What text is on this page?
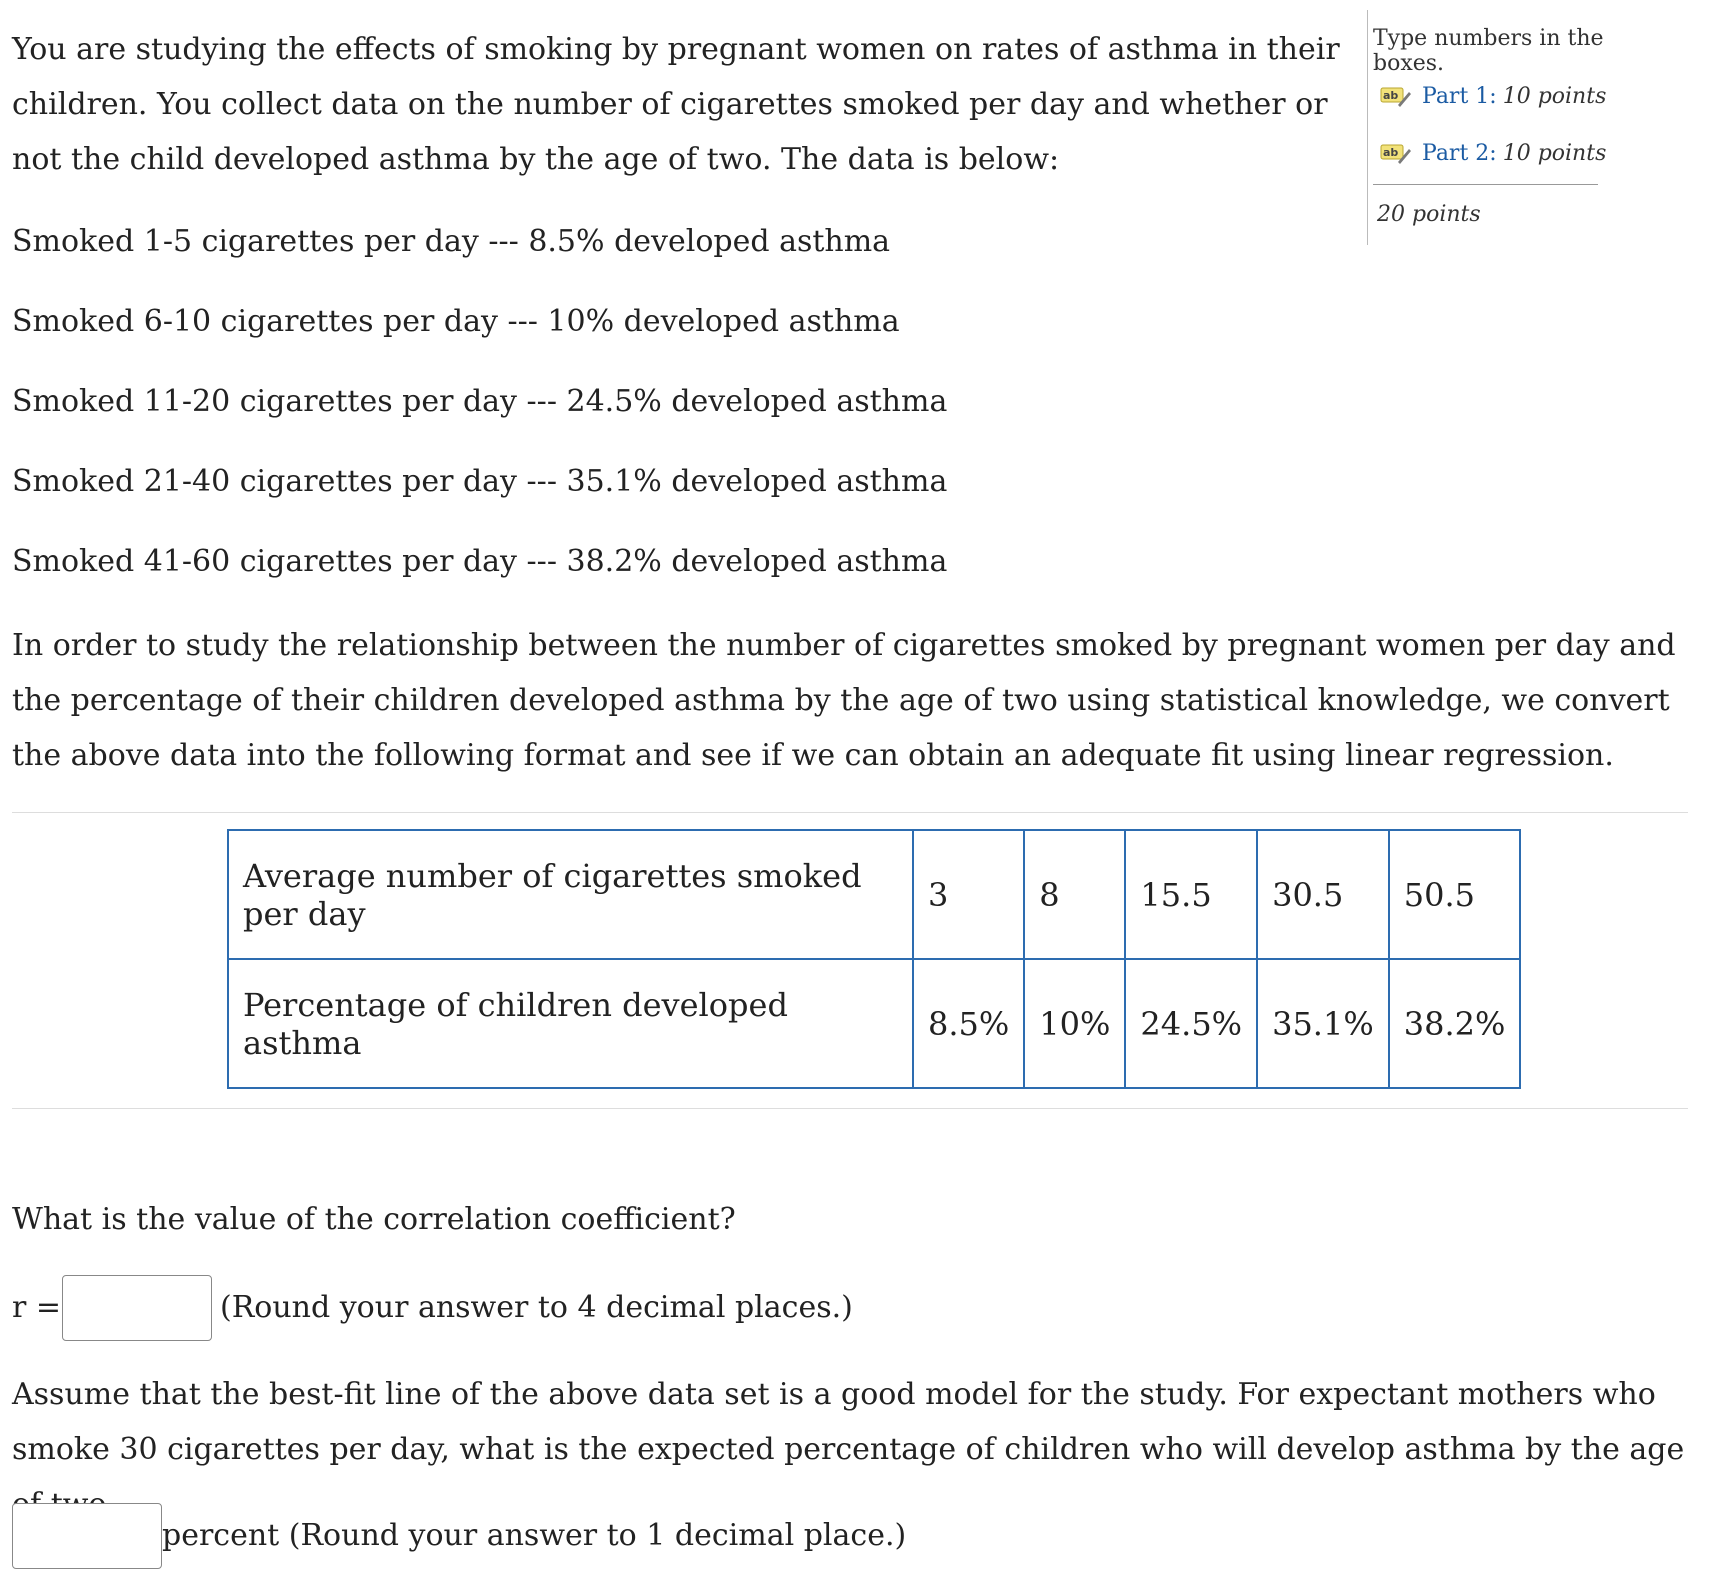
You are studying the effects of smoking by pregnant women on rates of asthma in their children. You collect data on the number of cigarettes smoked per day and whether or not the child developed asthma by the age of two. The data is below:

Smoked 1-5 cigarettes per day --- 8.5% developed asthma

Smoked 6-10 cigarettes per day --- 10% developed asthma

Smoked 11-20 cigarettes per day --- 24.5% developed asthma

Smoked 21-40 cigarettes per day --- 35.1% developed asthma

Smoked 41-60 cigarettes per day --- 38.2% developed asthma

In order to study the relationship between the number of cigarettes smoked by pregnant women per day and the percentage of their children developed asthma by the age of two using statistical knowledge, we convert the above data into the following format and see if we can obtain an adequate fit using linear regression.

Type numbers in the boxes.
ab Part 1: 10 points
ab Part 2: 10 points
20 points
Average number of cigarettes smoked per day	3	8	15.5	30.5	50.5
Percentage of children developed asthma	8.5%	10%	24.5%	35.1%	38.2%

What is the value of the correlation coefficient?

r =	(Round your answer to 4 decimal places.)

Assume that the best-fit line of the above data set is a good model for the study. For expectant mothers who smoke 30 cigarettes per day, what is the expected percentage of children who will develop asthma by the age

percent (Round your answer to 1 decimal place.)
